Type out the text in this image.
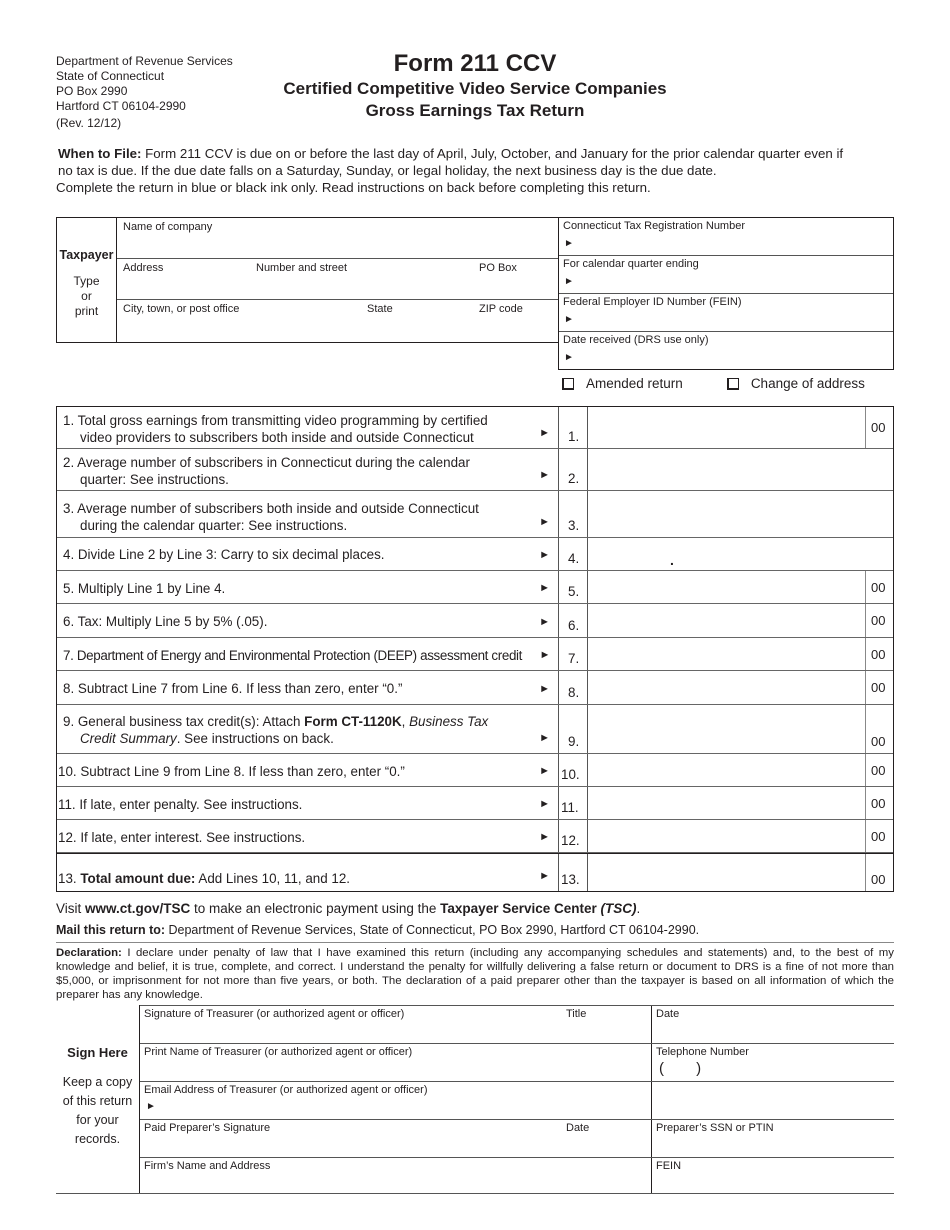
Department of Revenue Services
State of Connecticut
PO Box 2990
Hartford CT 06104-2990
(Rev. 12/12)
Form 211 CCV
Certified Competitive Video Service Companies
Gross Earnings Tax Return
When to File: Form 211 CCV is due on or before the last day of April, July, October, and January for the prior calendar quarter even if
no tax is due. If the due date falls on a Saturday, Sunday, or legal holiday, the next business day is the due date.
Complete the return in blue or black ink only. Read instructions on back before completing this return.
Taxpayer
Type
or
print
Name of company
Address	Number and street	PO Box
City, town, or post office	State	ZIP code
Connecticut Tax Registration Number
►
For calendar quarter ending
►
Federal Employer ID Number (FEIN)
►
Date received (DRS use only)
►
Amended return	Change of address
1. Total gross earnings from transmitting video programming by certified
video providers to subscribers both inside and outside Connecticut	► 1.
00
2. Average number of subscribers in Connecticut during the calendar
quarter: See instructions.	► 2.
3. Average number of subscribers both inside and outside Connecticut
during the calendar quarter: See instructions.	► 3.
4. Divide Line 2 by Line 3: Carry to six decimal places.	► 4.	.
5. Multiply Line 1 by Line 4.	► 5.	00
6. Tax: Multiply Line 5 by 5% (.05).	► 6.	00
7. Department of Energy and Environmental Protection (DEEP) assessment credit	► 7.	00
8. Subtract Line 7 from Line 6. If less than zero, enter “0.”	► 8.	00
9. General business tax credit(s): Attach Form CT-1120K, Business Tax
Credit Summary. See instructions on back.	► 9.	00
10. Subtract Line 9 from Line 8. If less than zero, enter “0.”	► 10.	00
11. If late, enter penalty. See instructions.	► 11.	00
12. If late, enter interest. See instructions.	► 12.	00
13. Total amount due: Add Lines 10, 11, and 12.	► 13.	00
Visit www.ct.gov/TSC to make an electronic payment using the Taxpayer Service Center (TSC).
Mail this return to: Department of Revenue Services, State of Connecticut, PO Box 2990, Hartford CT 06104-2990.
Declaration: I declare under penalty of law that I have examined this return (including any accompanying schedules and statements) and, to the best of my knowledge and belief, it is true, complete, and correct. I understand the penalty for willfully delivering a false return or document to DRS is a fine of not more than $5,000, or imprisonment for not more than five years, or both. The declaration of a paid preparer other than the taxpayer is based on all information of which the preparer has any knowledge.
Sign Here
Keep a copy
of this return
for your
records.
Signature of Treasurer (or authorized agent or officer)	Title	Date
Print Name of Treasurer (or authorized agent or officer)	Telephone Number
( )
Email Address of Treasurer (or authorized agent or officer)
►
Paid Preparer’s Signature	Date	Preparer’s SSN or PTIN
Firm’s Name and Address	FEIN
